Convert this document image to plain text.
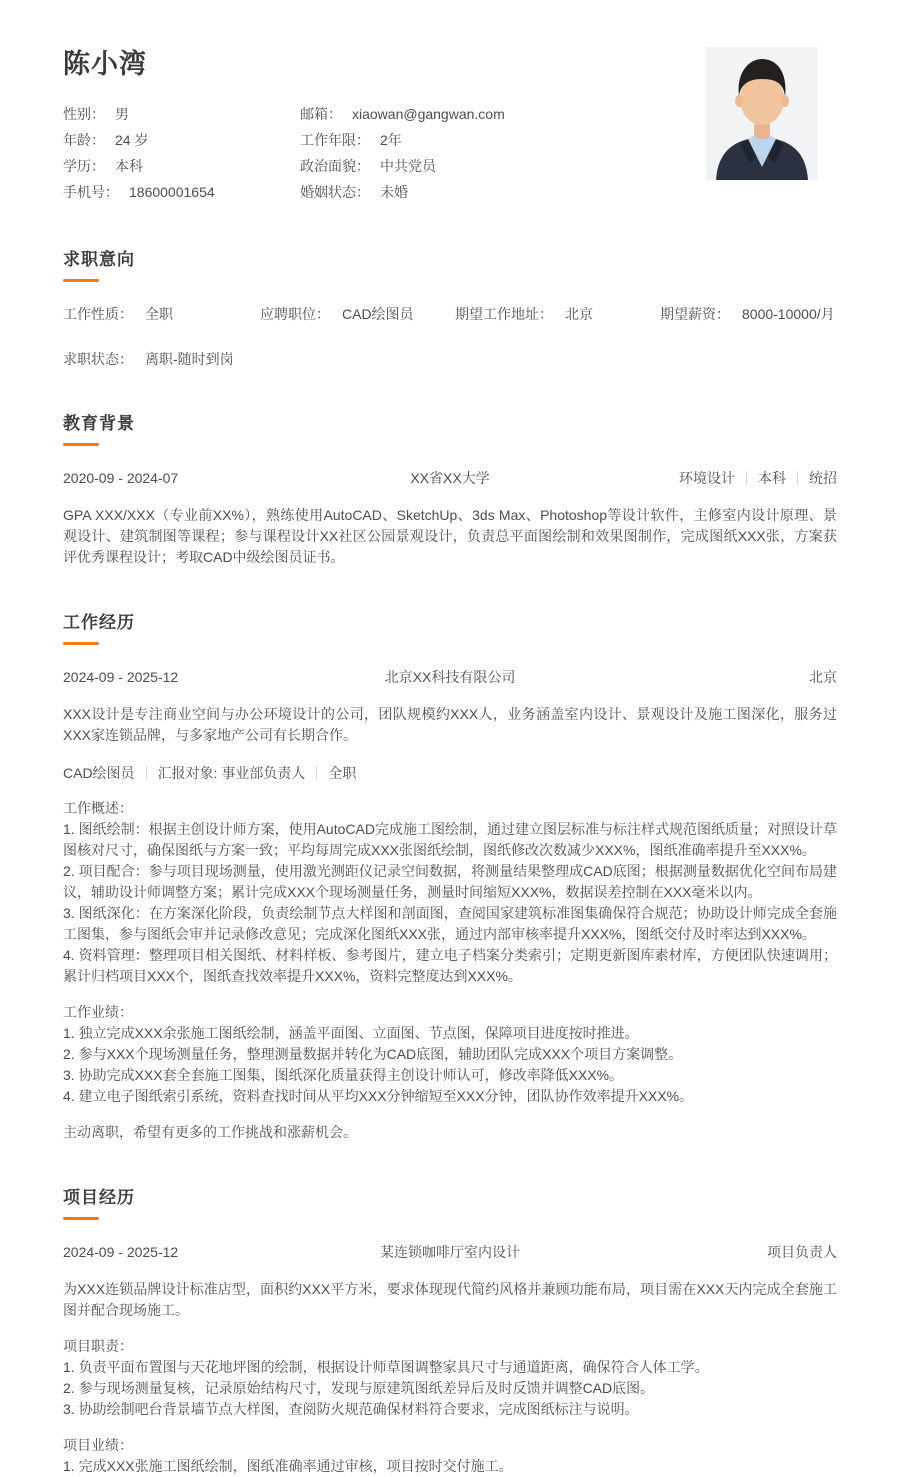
陈小湾
性别： 男	邮箱： xiaowan@gangwan.com
年龄： 24 岁	工作年限： 2年
学历： 本科	政治面貌： 中共党员
手机号： 18600001654	婚姻状态： 未婚
求职意向
工作性质： 全职	应聘职位： CAD绘图员	期望工作地址： 北京	期望薪资： 8000-10000/月
求职状态： 离职-随时到岗
教育背景
2020-09 - 2024-07	XX省XX大学	环境设计 本科 统招
GPA XXX/XXX（专业前XX%），熟练使用AutoCAD、SketchUp、3ds Max、Photoshop等设计软件，主修室内设计原理、景观设计、建筑制图等课程；参与课程设计XX社区公园景观设计，负责总平面图绘制和效果图制作，完成图纸XXX张，方案获评优秀课程设计；考取CAD中级绘图员证书。
工作经历
2024-09 - 2025-12	北京XX科技有限公司	北京
XXX设计是专注商业空间与办公环境设计的公司，团队规模约XXX人，业务涵盖室内设计、景观设计及施工图深化，服务过XXX家连锁品牌，与多家地产公司有长期合作。
CAD绘图员 汇报对象: 事业部负责人 全职
工作概述：
1. 图纸绘制：根据主创设计师方案，使用AutoCAD完成施工图绘制，通过建立图层标准与标注样式规范图纸质量；对照设计草图核对尺寸，确保图纸与方案一致；平均每周完成XXX张图纸绘制，图纸修改次数减少XXX%，图纸准确率提升至XXX%。
2. 项目配合：参与项目现场测量，使用激光测距仪记录空间数据，将测量结果整理成CAD底图；根据测量数据优化空间布局建议，辅助设计师调整方案；累计完成XXX个现场测量任务，测量时间缩短XXX%，数据误差控制在XXX毫米以内。
3. 图纸深化：在方案深化阶段，负责绘制节点大样图和剖面图，查阅国家建筑标准图集确保符合规范；协助设计师完成全套施工图集，参与图纸会审并记录修改意见；完成深化图纸XXX张，通过内部审核率提升XXX%，图纸交付及时率达到XXX%。
4. 资料管理：整理项目相关图纸、材料样板、参考图片，建立电子档案分类索引；定期更新图库素材库，方便团队快速调用；累计归档项目XXX个，图纸查找效率提升XXX%，资料完整度达到XXX%。
工作业绩：
1. 独立完成XXX余张施工图纸绘制，涵盖平面图、立面图、节点图，保障项目进度按时推进。
2. 参与XXX个现场测量任务，整理测量数据并转化为CAD底图，辅助团队完成XXX个项目方案调整。
3. 协助完成XXX套全套施工图集，图纸深化质量获得主创设计师认可，修改率降低XXX%。
4. 建立电子图纸索引系统，资料查找时间从平均XXX分钟缩短至XXX分钟，团队协作效率提升XXX%。
主动离职，希望有更多的工作挑战和涨薪机会。
项目经历
2024-09 - 2025-12	某连锁咖啡厅室内设计	项目负责人
为XXX连锁品牌设计标准店型，面积约XXX平方米，要求体现现代简约风格并兼顾功能布局，项目需在XXX天内完成全套施工图并配合现场施工。
项目职责：
1. 负责平面布置图与天花地坪图的绘制，根据设计师草图调整家具尺寸与通道距离，确保符合人体工学。
2. 参与现场测量复核，记录原始结构尺寸，发现与原建筑图纸差异后及时反馈并调整CAD底图。
3. 协助绘制吧台背景墙节点大样图，查阅防火规范确保材料符合要求，完成图纸标注与说明。
项目业绩：
1. 完成XXX张施工图纸绘制，图纸准确率通过审核，项目按时交付施工。
